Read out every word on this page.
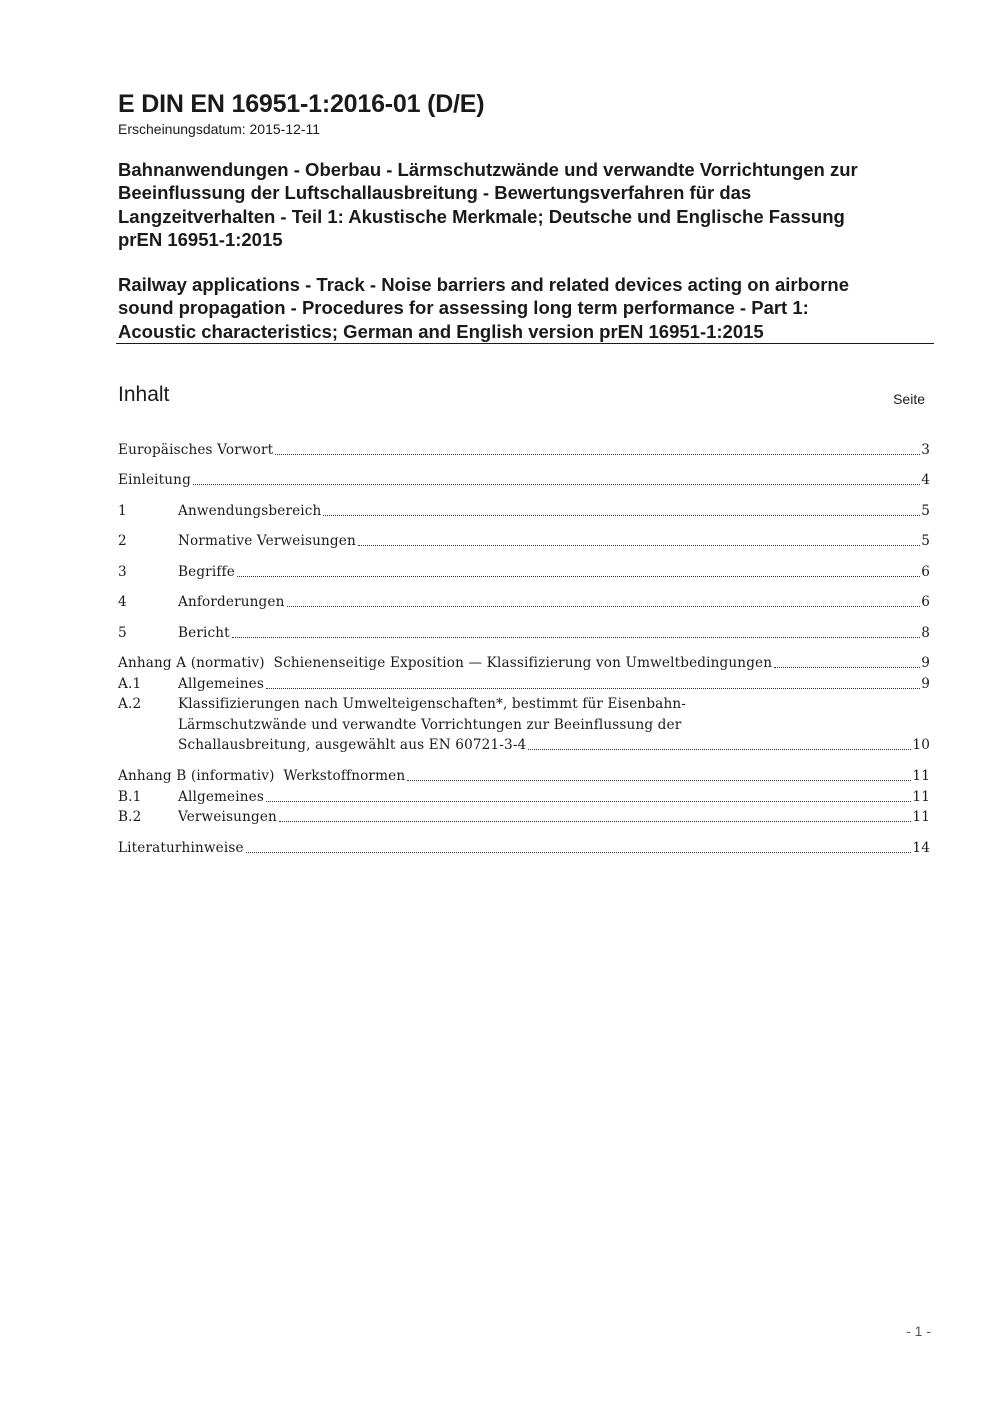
E DIN EN 16951-1:2016-01 (D/E)
Erscheinungsdatum: 2015-12-11
Bahnanwendungen - Oberbau - Lärmschutzwände und verwandte Vorrichtungen zur
Beeinflussung der Luftschallausbreitung - Bewertungsverfahren für das
Langzeitverhalten - Teil 1: Akustische Merkmale; Deutsche und Englische Fassung
prEN 16951-1:2015
Railway applications - Track - Noise barriers and related devices acting on airborne
sound propagation - Procedures for assessing long term performance - Part 1:
Acoustic characteristics; German and English version prEN 16951-1:2015
Inhalt	Seite
Europäisches Vorwort	3
Einleitung	4
1	Anwendungsbereich	5
2	Normative Verweisungen	5
3	Begriffe	6
4	Anforderungen	6
5	Bericht	8
Anhang A (normativ)  Schienenseitige Exposition — Klassifizierung von Umweltbedingungen	9
A.1	Allgemeines	9
A.2	Klassifizierungen nach Umwelteigenschaften*, bestimmt für Eisenbahn-
Lärmschutzwände und verwandte Vorrichtungen zur Beeinflussung der
Schallausbreitung, ausgewählt aus EN 60721-3-4	10
Anhang B (informativ)  Werkstoffnormen	11
B.1	Allgemeines	11
B.2	Verweisungen	11
Literaturhinweise	14
- 1 -
